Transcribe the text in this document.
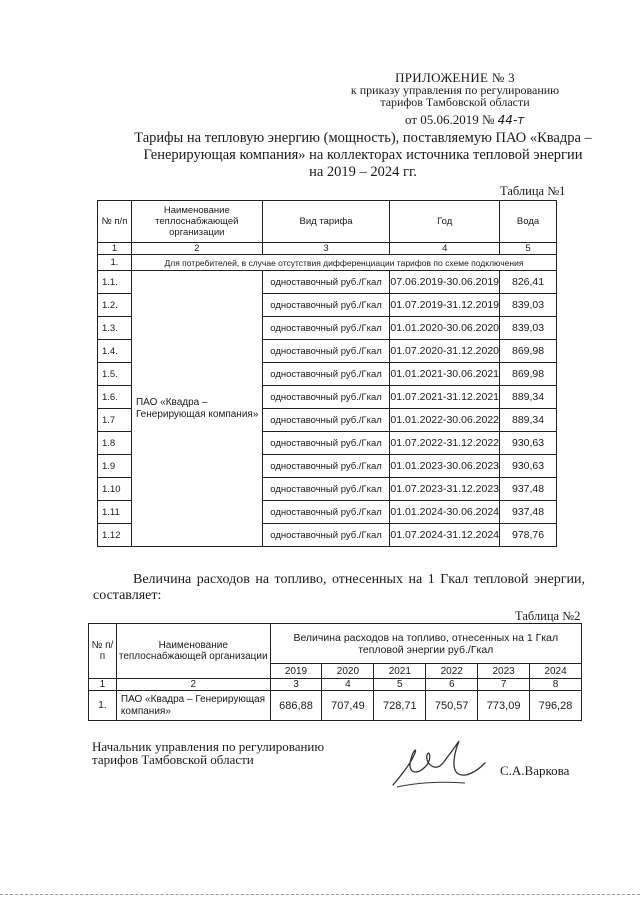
ПРИЛОЖЕНИЕ № 3
к приказу управления по регулированию
тарифов Тамбовской области
от 05.06.2019 № 44-т
Тарифы на тепловую энергию (мощность), поставляемую ПАО «Квадра –
Генерирующая компания» на коллекторах источника тепловой энергии
на 2019 – 2024 гг.
Таблица №1
№ п/п	Наименование теплоснабжающей организации	Вид тарифа	Год	Вода
1	2	3	4	5
1.	Для потребителей, в случае отсутствия дифференциации тарифов по схеме подключения			
1.1.	ПАО «Квадра – Генерирующая компания»	одноставочный руб./Гкал	07.06.2019-30.06.2019	826,41
1.2.		одноставочный руб./Гкал	01.07.2019-31.12.2019	839,03
1.3.		одноставочный руб./Гкал	01.01.2020-30.06.2020	839,03
1.4.		одноставочный руб./Гкал	01.07.2020-31.12.2020	869,98
1.5.		одноставочный руб./Гкал	01.01.2021-30.06.2021	869,98
1.6.		одноставочный руб./Гкал	01.07.2021-31.12.2021	889,34
1.7		одноставочный руб./Гкал	01.01.2022-30.06.2022	889,34
1.8		одноставочный руб./Гкал	01.07.2022-31.12.2022	930,63
1.9		одноставочный руб./Гкал	01.01.2023-30.06.2023	930,63
1.10		одноставочный руб./Гкал	01.07.2023-31.12.2023	937,48
1.11		одноставочный руб./Гкал	01.01.2024-30.06.2024	937,48
1.12		одноставочный руб./Гкал	01.07.2024-31.12.2024	978,76
Величина расходов на топливо, отнесенных на 1 Гкал тепловой энергии, составляет:
Таблица №2
№ п/п	Наименование теплоснабжающей организации	Величина расходов на топливо, отнесенных на 1 Гкал тепловой энергии руб./Гкал					
		2019	2020	2021	2022	2023	2024
1	2	3	4	5	6	7	8
1.	ПАО «Квадра – Генерирующая компания»	686,88	707,49	728,71	750,57	773,09	796,28
Начальник управления по регулированию
тарифов Тамбовской области
С.А.Варкова
